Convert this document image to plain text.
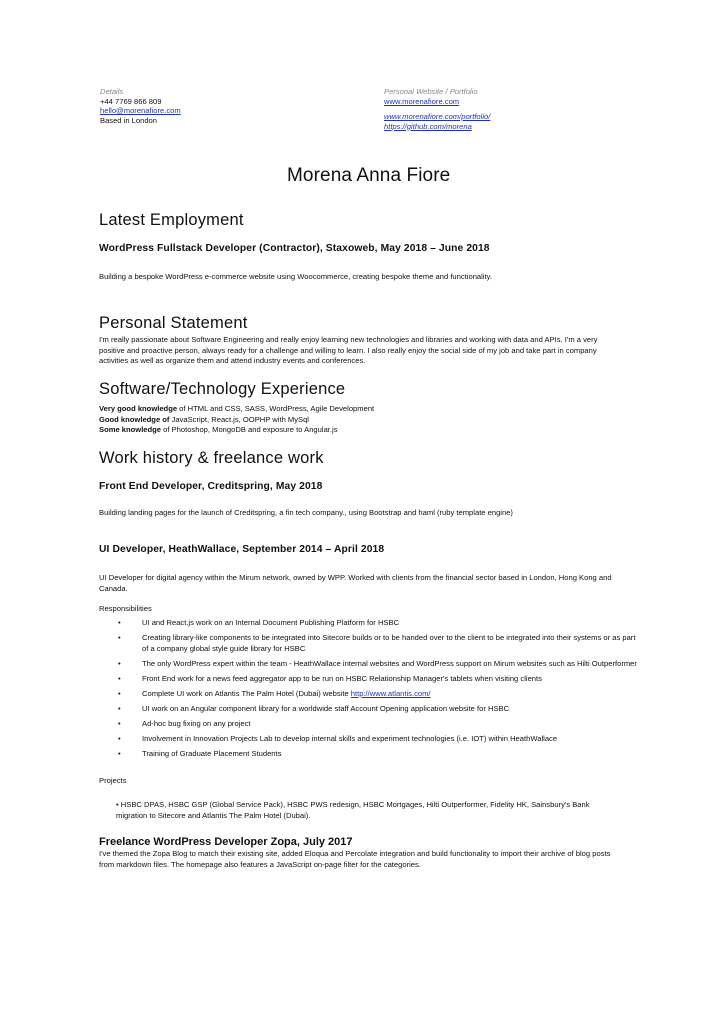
Details
+44 7769 866 809
hello@morenafiore.com
Based in London
Personal Website / Portfolio
www.morenafiore.com
www.morenafiore.com/portfolio/
https://github.com/morena
Morena Anna Fiore
Latest Employment
WordPress Fullstack Developer (Contractor), Staxoweb, May 2018 – June 2018
Building a bespoke WordPress e-commerce website using Woocommerce, creating bespoke theme and functionality.
Personal Statement
I'm really passionate about Software Engineering and really enjoy learning new technologies and libraries and working with data and APIs. I'm a very positive and proactive person, always ready for a challenge and willing to learn. I also really enjoy the social side of my job and take part in company activities as well as organize them and attend industry events and conferences.
Software/Technology Experience
Very good knowledge of HTML and CSS, SASS, WordPress, Agile Development
Good knowledge of JavaScript, React.js, OOPHP with MySql
Some knowledge of Photoshop, MongoDB and exposure to Angular.js
Work history & freelance work
Front End Developer, Creditspring, May 2018
Building landing pages for the launch of Creditspring, a fin tech company., using Bootstrap and haml (ruby template engine)
UI Developer, HeathWallace, September 2014 – April 2018
UI Developer for digital agency within the Mirum network, owned by WPP. Worked with clients from the financial sector based in London, Hong Kong and Canada.
Responsibilities
•	UI and React.js work on an Internal Document Publishing Platform for HSBC
•	Creating library-like components to be integrated into Sitecore builds or to be handed over to the client to be integrated into their systems or as part of a company global style guide library for HSBC
•	The only WordPress expert within the team - HeathWallace internal websites and WordPress support on Mirum websites such as Hilti Outperformer
•	Front End work for a news feed aggregator app to be run on HSBC Relationship Manager's tablets when visiting clients
•	Complete UI work on Atlantis The Palm Hotel (Dubai) website http://www.atlantis.com/
•	UI work on an Angular component library for a worldwide staff Account Opening application website for HSBC
•	Ad-hoc bug fixing on any project
•	Involvement in Innovation Projects Lab to develop internal skills and experiment technologies (i.e. IOT) within HeathWallace
•	Training of Graduate Placement Students
Projects
• HSBC DPAS, HSBC GSP (Global Service Pack), HSBC PWS redesign, HSBC Mortgages, Hilti Outperformer, Fidelity HK, Sainsbury's Bank migration to Sitecore and Atlantis The Palm Hotel (Dubai).
Freelance WordPress Developer Zopa, July 2017
I've themed the Zopa Blog to match their existing site, added Eloqua and Percolate integration and build functionality to import their archive of blog posts from markdown files. The homepage also features a JavaScript on-page filter for the categories.
